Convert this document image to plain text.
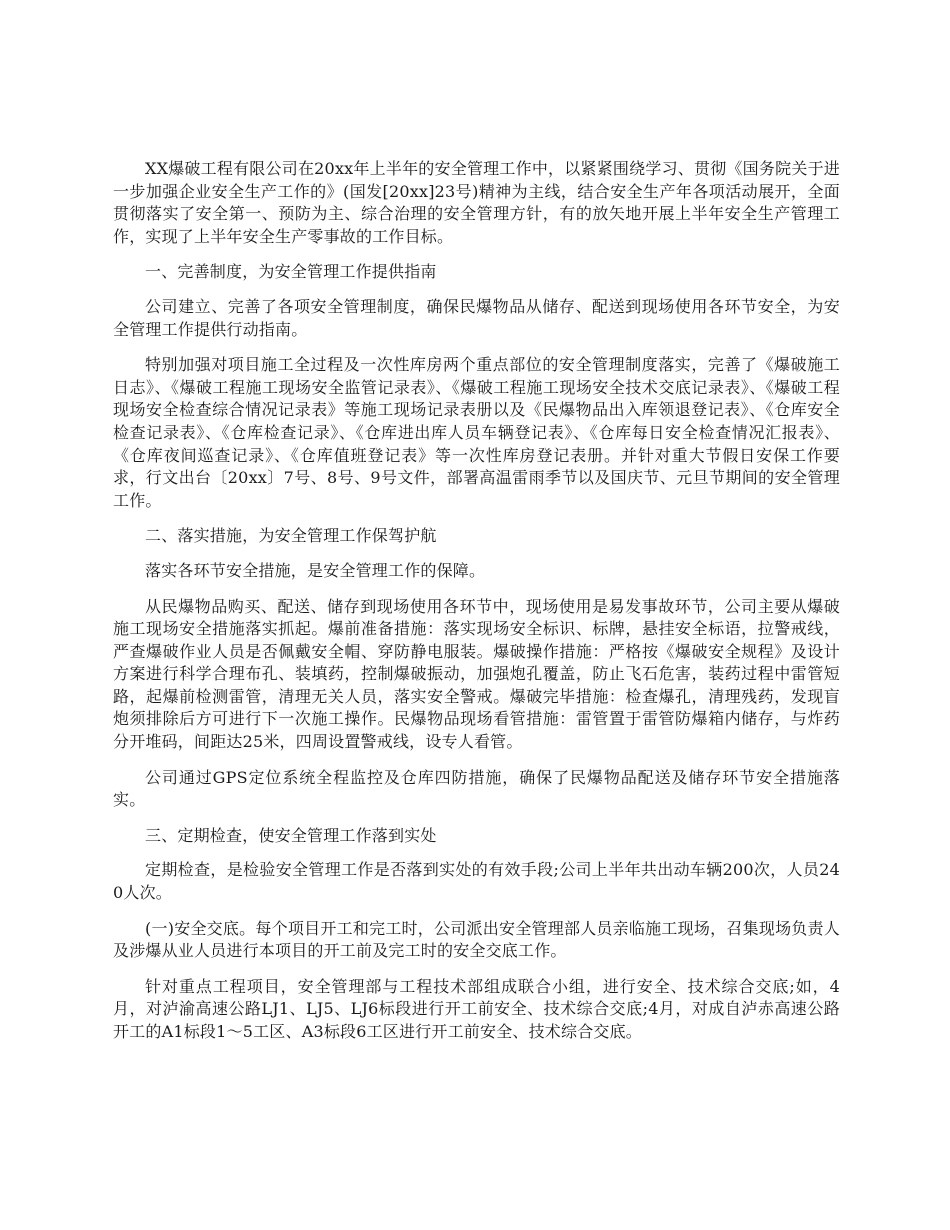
XX爆破工程有限公司在20xx年上半年的安全管理工作中，以紧紧围绕学习、贯彻《国务院关于进一步加强企业安全生产工作的》(国发[20xx]23号)精神为主线，结合安全生产年各项活动展开，全面贯彻落实了安全第一、预防为主、综合治理的安全管理方针，有的放矢地开展上半年安全生产管理工作，实现了上半年安全生产零事故的工作目标。

一、完善制度，为安全管理工作提供指南

公司建立、完善了各项安全管理制度，确保民爆物品从储存、配送到现场使用各环节安全，为安全管理工作提供行动指南。

特别加强对项目施工全过程及一次性库房两个重点部位的安全管理制度落实，完善了《爆破施工日志》、《爆破工程施工现场安全监管记录表》、《爆破工程施工现场安全技术交底记录表》、《爆破工程现场安全检查综合情况记录表》等施工现场记录表册以及《民爆物品出入库领退登记表》、《仓库安全检查记录表》、《仓库检查记录》、《仓库进出库人员车辆登记表》、《仓库每日安全检查情况汇报表》、《仓库夜间巡查记录》、《仓库值班登记表》等一次性库房登记表册。并针对重大节假日安保工作要求，行文出台〔20xx〕7号、8号、9号文件，部署高温雷雨季节以及国庆节、元旦节期间的安全管理工作。

二、落实措施，为安全管理工作保驾护航

落实各环节安全措施，是安全管理工作的保障。

从民爆物品购买、配送、储存到现场使用各环节中，现场使用是易发事故环节，公司主要从爆破施工现场安全措施落实抓起。爆前准备措施：落实现场安全标识、标牌，悬挂安全标语，拉警戒线，严查爆破作业人员是否佩戴安全帽、穿防静电服装。爆破操作措施：严格按《爆破安全规程》及设计方案进行科学合理布孔、装填药，控制爆破振动，加强炮孔覆盖，防止飞石危害，装药过程中雷管短路，起爆前检测雷管，清理无关人员，落实安全警戒。爆破完毕措施：检查爆孔，清理残药，发现盲炮须排除后方可进行下一次施工操作。民爆物品现场看管措施：雷管置于雷管防爆箱内储存，与炸药分开堆码，间距达25米，四周设置警戒线，设专人看管。

公司通过GPS定位系统全程监控及仓库四防措施，确保了民爆物品配送及储存环节安全措施落实。

三、定期检查，使安全管理工作落到实处

定期检查，是检验安全管理工作是否落到实处的有效手段;公司上半年共出动车辆200次，人员240人次。

(一)安全交底。每个项目开工和完工时，公司派出安全管理部人员亲临施工现场，召集现场负责人及涉爆从业人员进行本项目的开工前及完工时的安全交底工作。

针对重点工程项目，安全管理部与工程技术部组成联合小组，进行安全、技术综合交底;如，4月，对泸渝高速公路LJ1、LJ5、LJ6标段进行开工前安全、技术综合交底;4月，对成自泸赤高速公路开工的A1标段1～5工区、A3标段6工区进行开工前安全、技术综合交底。
